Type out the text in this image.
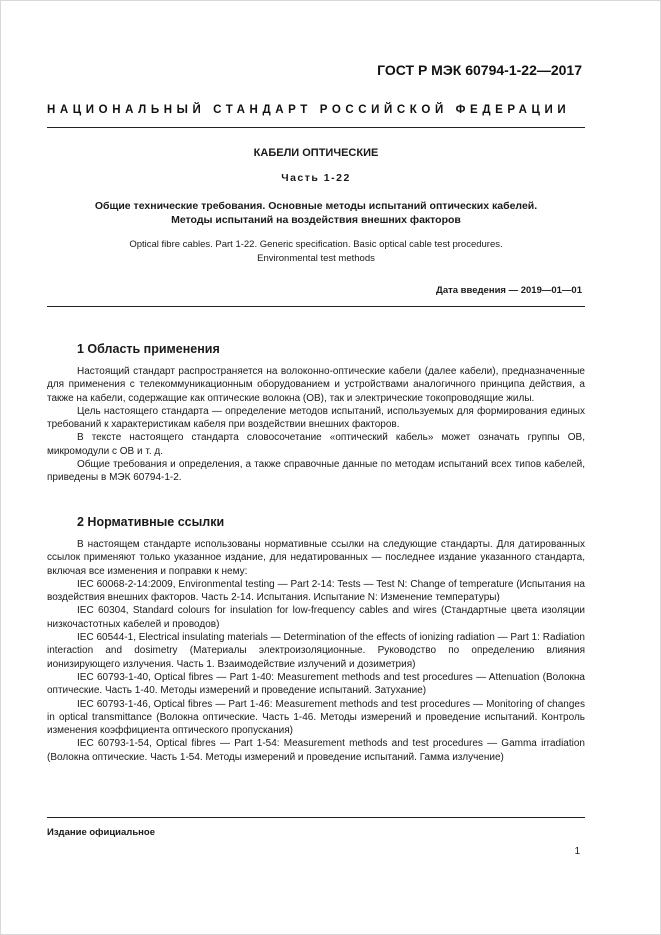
ГОСТ Р МЭК 60794-1-22—2017
НАЦИОНАЛЬНЫЙ СТАНДАРТ РОССИЙСКОЙ ФЕДЕРАЦИИ
КАБЕЛИ ОПТИЧЕСКИЕ
Часть 1-22
Общие технические требования. Основные методы испытаний оптических кабелей.
Методы испытаний на воздействия внешних факторов
Optical fibre cables. Part 1-22. Generic specification. Basic optical cable test procedures.
Environmental test methods
Дата введения — 2019—01—01
1 Область применения

Настоящий стандарт распространяется на волоконно-оптические кабели (далее кабели), предназначенные для применения с телекоммуникационным оборудованием и устройствами аналогичного принципа действия, а также на кабели, содержащие как оптические волокна (ОВ), так и электрические токопроводящие жилы.

Цель настоящего стандарта — определение методов испытаний, используемых для формирования единых требований к характеристикам кабеля при воздействии внешних факторов.

В тексте настоящего стандарта словосочетание «оптический кабель» может означать группы ОВ, микромодули с ОВ и т. д.

Общие требования и определения, а также справочные данные по методам испытаний всех типов кабелей, приведены в МЭК 60794-1-2.

2 Нормативные ссылки

В настоящем стандарте использованы нормативные ссылки на следующие стандарты. Для датированных ссылок применяют только указанное издание, для недатированных — последнее издание указанного стандарта, включая все изменения и поправки к нему:

IEC 60068-2-14:2009, Environmental testing — Part 2-14: Tests — Test N: Change of temperature (Испытания на воздействия внешних факторов. Часть 2-14. Испытания. Испытание N: Изменение температуры)

IEC 60304, Standard colours for insulation for low-frequency cables and wires (Стандартные цвета изоляции низкочастотных кабелей и проводов)

IEC 60544-1, Electrical insulating materials — Determination of the effects of ionizing radiation — Part 1: Radiation interaction and dosimetry (Материалы электроизоляционные. Руководство по определению влияния ионизирующего излучения. Часть 1. Взаимодействие излучений и дозиметрия)

IEC 60793-1-40, Optical fibres — Part 1-40: Measurement methods and test procedures — Attenuation (Волокна оптические. Часть 1-40. Методы измерений и проведение испытаний. Затухание)

IEC 60793-1-46, Optical fibres — Part 1-46: Measurement methods and test procedures — Monitoring of changes in optical transmittance (Волокна оптические. Часть 1-46. Методы измерений и проведение испытаний. Контроль изменения коэффициента оптического пропускания)

IEC 60793-1-54, Optical fibres — Part 1-54: Measurement methods and test procedures — Gamma irradiation (Волокна оптические. Часть 1-54. Методы измерений и проведение испытаний. Гамма излучение)

Издание официальное
1
